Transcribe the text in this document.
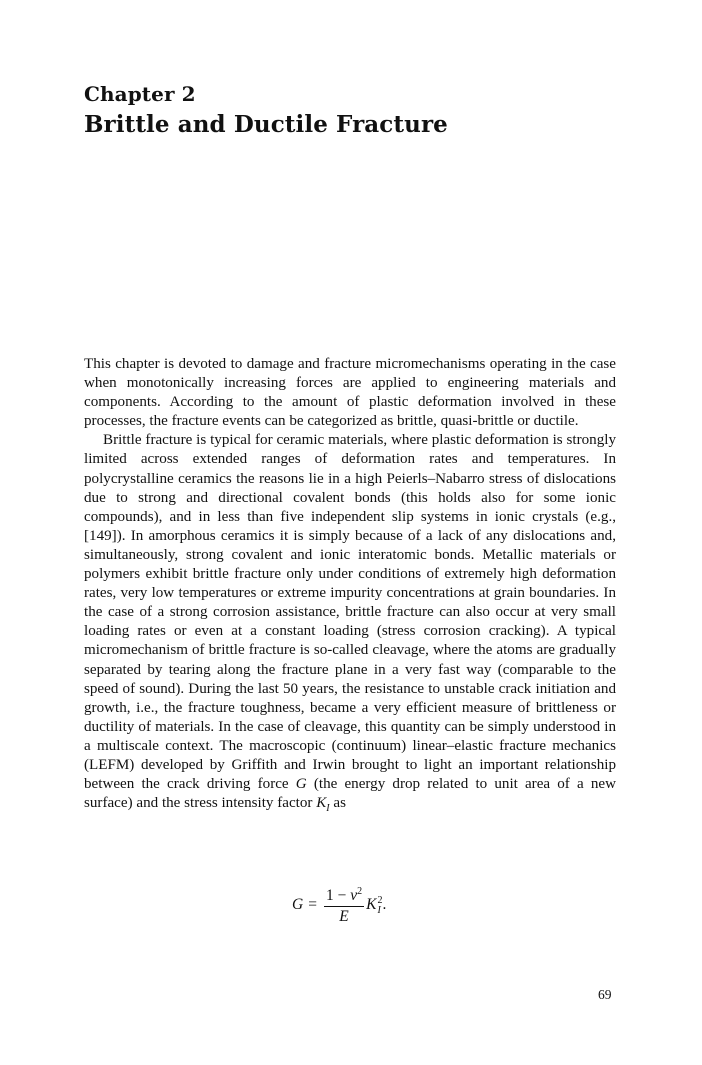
Chapter 2
Brittle and Ductile Fracture

This chapter is devoted to damage and fracture micromechanisms operating in the case when monotonically increasing forces are applied to engineering materials and components. According to the amount of plastic deformation involved in these processes, the fracture events can be categorized as brittle, quasi-brittle or ductile.

Brittle fracture is typical for ceramic materials, where plastic deformation is strongly limited across extended ranges of deformation rates and temperatures. In polycrystalline ceramics the reasons lie in a high Peierls–Nabarro stress of dislocations due to strong and directional covalent bonds (this holds also for some ionic compounds), and in less than five independent slip systems in ionic crystals (e.g., [149]). In amorphous ceramics it is simply because of a lack of any dislocations and, simultaneously, strong covalent and ionic interatomic bonds. Metallic materials or polymers exhibit brittle fracture only under conditions of extremely high deformation rates, very low temperatures or extreme impurity concentrations at grain boundaries. In the case of a strong corrosion assistance, brittle fracture can also occur at very small loading rates or even at a constant loading (stress corrosion cracking). A typical micromechanism of brittle fracture is so-called cleavage, where the atoms are gradually separated by tearing along the fracture plane in a very fast way (comparable to the speed of sound). During the last 50 years, the resistance to unstable crack initiation and growth, i.e., the fracture toughness, became a very efficient measure of brittleness or ductility of materials. In the case of cleavage, this quantity can be simply understood in a multiscale context. The macroscopic (continuum) linear–elastic fracture mechanics (LEFM) developed by Griffith and Irwin brought to light an important relationship between the crack driving force G (the energy drop related to unit area of a new surface) and the stress intensity factor $K_I$ as

$G = \frac{1 - \nu^2}{E}$ K 2
I .
69
